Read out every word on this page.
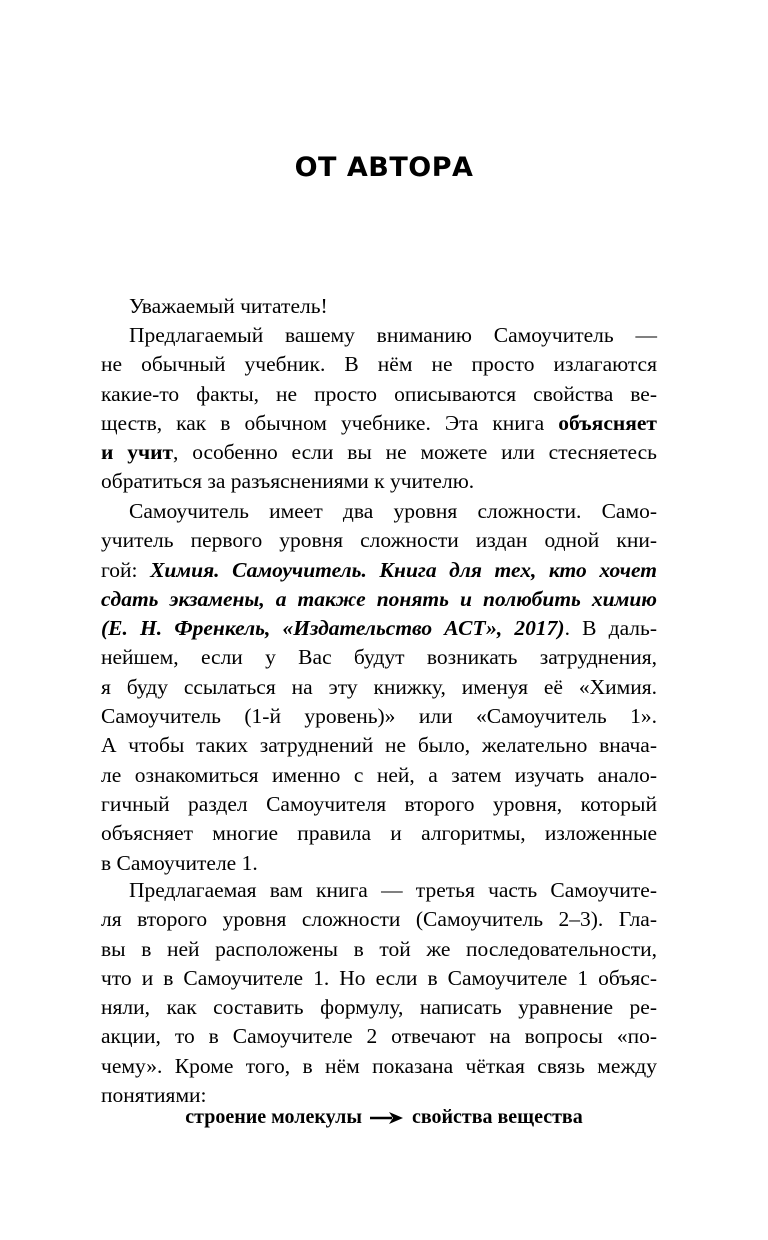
ОТ АВТОРА
Уважаемый читатель!
Предлагаемый вашему вниманию Самоучитель —
не обычный учебник. В нём не просто излагаются
какие-то факты, не просто описываются свойства ве-
ществ, как в обычном учебнике. Эта книга объясняет
и учит, особенно если вы не можете или стесняетесь
обратиться за разъяснениями к учителю.
Самоучитель имеет два уровня сложности. Само-
учитель первого уровня сложности издан одной кни-
гой: Химия. Самоучитель. Книга для тех, кто хочет
сдать экзамены, а также понять и полюбить химию
(Е. Н. Френкель, «Издательство АСТ», 2017). В даль-
нейшем, если у Вас будут возникать затруднения,
я буду ссылаться на эту книжку, именуя её «Химия.
Самоучитель (1-й уровень)» или «Самоучитель 1».
А чтобы таких затруднений не было, желательно внача-
ле ознакомиться именно с ней, а затем изучать анало-
гичный раздел Самоучителя второго уровня, который
объясняет многие правила и алгоритмы, изложенные
в Самоучителе 1.
Предлагаемая вам книга — третья часть Самоучите-
ля второго уровня сложности (Самоучитель 2–3). Гла-
вы в ней расположены в той же последовательности,
что и в Самоучителе 1. Но если в Самоучителе 1 объяс-
няли, как составить формулу, написать уравнение ре-
акции, то в Самоучителе 2 отвечают на вопросы «по-
чему». Кроме того, в нём показана чёткая связь между
понятиями:
строение молекулы	свойства вещества
